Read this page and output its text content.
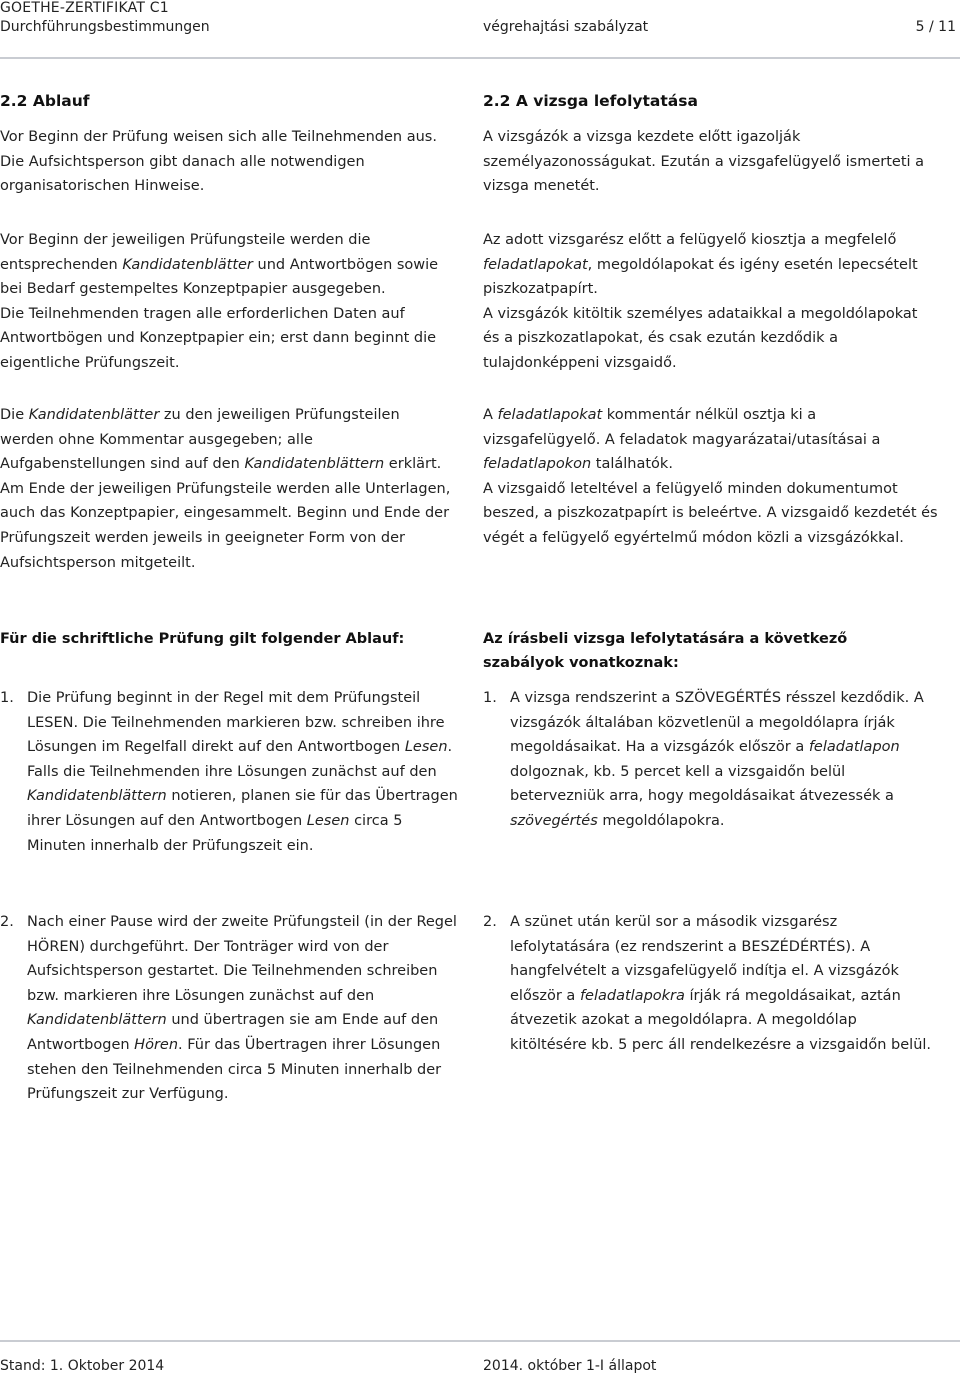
GOETHE-ZERTIFIKAT C1
Durchführungsbestimmungen	végrehajtási szabályzat	5 / 11
2.2 Ablauf

Vor Beginn der Prüfung weisen sich alle Teilnehmenden aus. Die Aufsichtsperson gibt danach alle notwendigen organisatorischen Hinweise.

Vor Beginn der jeweiligen Prüfungsteile werden die entsprechenden Kandidatenblätter und Antwortbögen sowie bei Bedarf gestempeltes Konzeptpapier ausgegeben.

Die Teilnehmenden tragen alle erforderlichen Daten auf Antwortbögen und Konzeptpapier ein; erst dann beginnt die eigentliche Prüfungszeit.

Die Kandidatenblätter zu den jeweiligen Prüfungsteilen werden ohne Kommentar ausgegeben; alle Aufgabenstellungen sind auf den Kandidatenblättern erklärt.

Am Ende der jeweiligen Prüfungsteile werden alle Unterlagen, auch das Konzeptpapier, eingesammelt. Beginn und Ende der Prüfungszeit werden jeweils in geeigneter Form von der Aufsichtsperson mitgeteilt.

Für die schriftliche Prüfung gilt folgender Ablauf:

1. Die Prüfung beginnt in der Regel mit dem Prüfungsteil LESEN. Die Teilnehmenden markieren bzw. schreiben ihre Lösungen im Regelfall direkt auf den Antwortbogen Lesen. Falls die Teilnehmenden ihre Lösungen zunächst auf den Kandidatenblättern notieren, planen sie für das Übertragen ihrer Lösungen auf den Antwortbogen Lesen circa 5 Minuten innerhalb der Prüfungszeit ein.

2. Nach einer Pause wird der zweite Prüfungsteil (in der Regel HÖREN) durchgeführt. Der Tonträger wird von der Aufsichtsperson gestartet. Die Teilnehmenden schreiben bzw. markieren ihre Lösungen zunächst auf den Kandidatenblättern und übertragen sie am Ende auf den Antwortbogen Hören. Für das Übertragen ihrer Lösungen stehen den Teilnehmenden circa 5 Minuten innerhalb der Prüfungszeit zur Verfügung.

2.2 A vizsga lefolytatása

A vizsgázók a vizsga kezdete előtt igazolják személyazonosságukat. Ezután a vizsgafelügyelő ismerteti a vizsga menetét.

Az adott vizsgarész előtt a felügyelő kiosztja a megfelelő feladatlapokat, megoldólapokat és igény esetén lepecsételt piszkozatpapírt.

A vizsgázók kitöltik személyes adataikkal a megoldólapokat és a piszkozatlapokat, és csak ezután kezdődik a tulajdonképpeni vizsgaidő.

A feladatlapokat kommentár nélkül osztja ki a vizsgafelügyelő. A feladatok magyarázatai/utasításai a feladatlapokon találhatók.

A vizsgaidő leteltével a felügyelő minden dokumentumot beszed, a piszkozatpapírt is beleértve. A vizsgaidő kezdetét és végét a felügyelő egyértelmű módon közli a vizsgázókkal.

Az írásbeli vizsga lefolytatására a következő szabályok vonatkoznak:

1. A vizsga rendszerint a SZÖVEGÉRTÉS résszel kezdődik. A vizsgázók általában közvetlenül a megoldólapra írják megoldásaikat. Ha a vizsgázók először a feladatlapon dolgoznak, kb. 5 percet kell a vizsgaidőn belül betervezniük arra, hogy megoldásaikat átvezessék a szövegértés megoldólapokra.

2. A szünet után kerül sor a második vizsgarész lefolytatására (ez rendszerint a BESZÉDÉRTÉS). A hangfelvételt a vizsgafelügyelő indítja el. A vizsgázók először a feladatlapokra írják rá megoldásaikat, aztán átvezetik azokat a megoldólapra. A megoldólap kitöltésére kb. 5 perc áll rendelkezésre a vizsgaidőn belül.

Stand: 1. Oktober 2014	2014. október 1-I állapot
